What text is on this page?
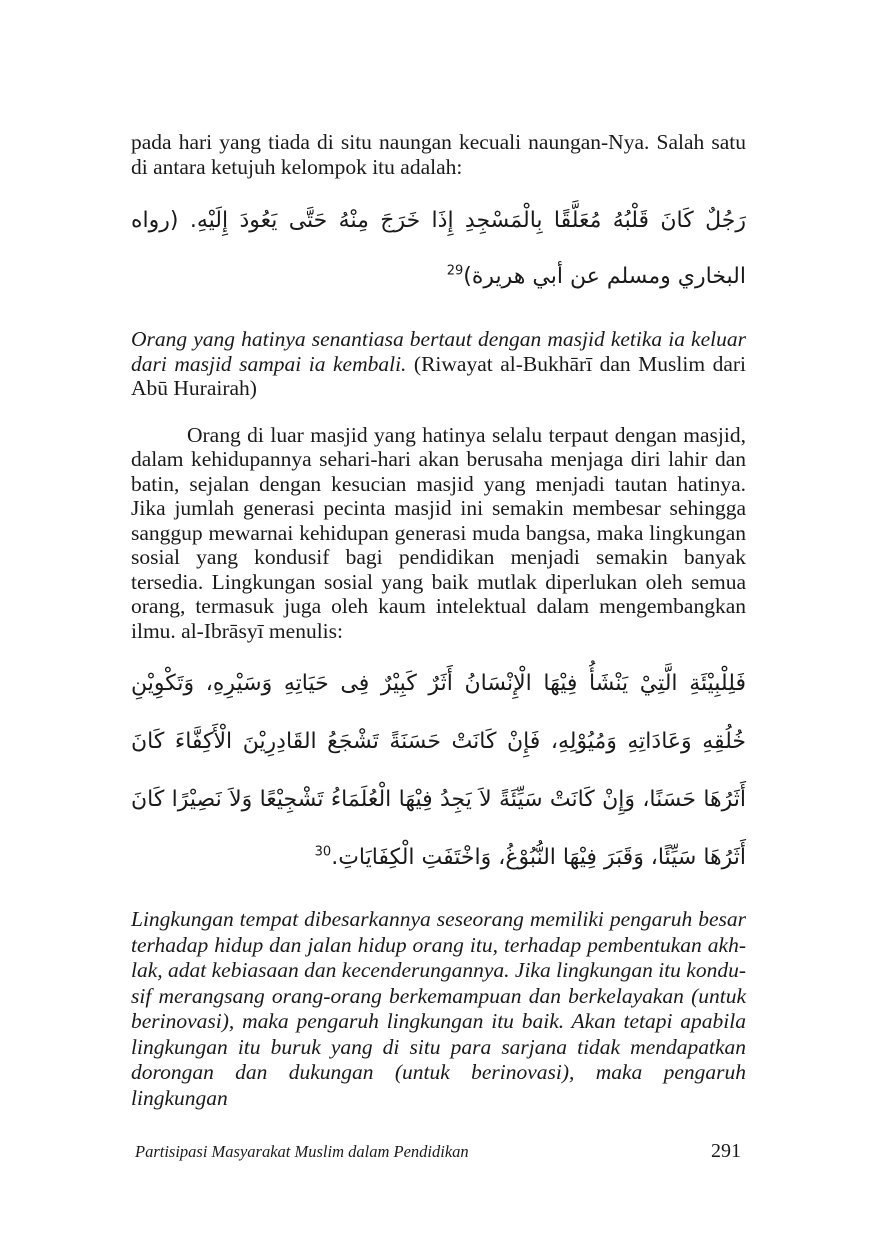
pada hari yang tiada di situ naungan kecuali naungan-Nya. Salah satu di antara ketujuh kelompok itu adalah:

رَجُلٌ كَانَ قَلْبُهُ مُعَلَّقًا بِالْمَسْجِدِ إِذَا خَرَجَ مِنْهُ حَتَّى يَعُودَ إِلَيْهِ. (رواه البخاري ومسلم عن أبي هريرة)$^{29}$

Orang yang hatinya senantiasa bertaut dengan masjid ketika ia keluar dari masjid sampai ia kembali. (Riwayat al-Bukhārī dan Muslim dari Abū Hurairah)

Orang di luar masjid yang hatinya selalu terpaut dengan masjid, dalam kehidupannya sehari-hari akan berusaha menjaga diri lahir dan batin, sejalan dengan kesucian masjid yang menjadi tautan hatinya. Jika jumlah generasi pecinta masjid ini semakin membesar sehingga sanggup mewarnai kehidupan generasi muda bangsa, maka lingkungan sosial yang kondusif bagi pendidikan menjadi semakin banyak tersedia. Lingkungan sosial yang baik mutlak diperlukan oleh semua orang, termasuk juga oleh kaum intelektual dalam mengembangkan ilmu. al-Ibrāsyī menulis:

فَلِلْبِيْئَةِ الَّتِيْ يَنْشَأُ فِيْهَا الْإِنْسَانُ أَثَرٌ كَبِيْرٌ فِى حَيَاتِهِ وَسَيْرِهِ، وَتَكْوِيْنِ خُلُقِهِ وَعَادَاتِهِ وَمُيُوْلِهِ، فَإِنْ كَانَتْ حَسَنَةً تَشْجَعُ القَادِرِيْنَ الْأَكِفَّاءَ كَانَ أَثَرُهَا حَسَنًا، وَإِنْ كَانَتْ سَيِّئَةً لاَ يَجِدُ فِيْهَا الْعُلَمَاءُ تَشْجِيْعًا وَلاَ نَصِيْرًا كَانَ أَثَرُهَا سَيِّئًا، وَقَبَرَ فِيْهَا النُّبُوْغُ، وَاخْتَفَتِ الْكِفَايَاتِ.$^{30}$

Lingkungan tempat dibesarkannya seseorang memiliki pengaruh besar terhadap hidup dan jalan hidup orang itu, terhadap pembentukan akh-lak, adat kebiasaan dan kecenderungannya. Jika lingkungan itu kondu-sif merangsang orang-orang berkemampuan dan berkelayakan (untuk berinovasi), maka pengaruh lingkungan itu baik. Akan tetapi apabila lingkungan itu buruk yang di situ para sarjana tidak mendapatkan dorongan dan dukungan (untuk berinovasi), maka pengaruh lingkungan

Partisipasi Masyarakat Muslim dalam Pendidikan	291
